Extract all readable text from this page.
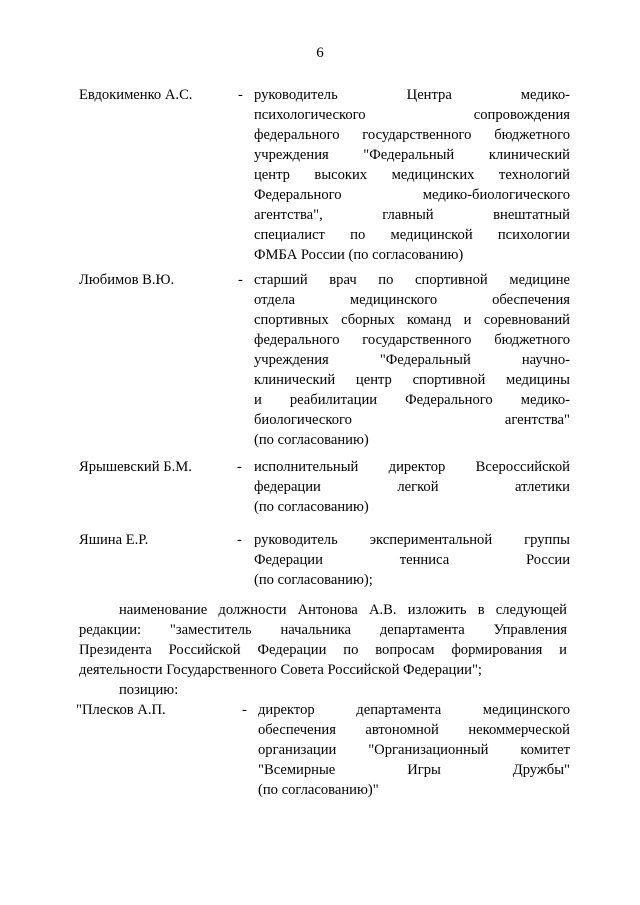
6
Евдокименко А.С.	- руководитель Центра медико-
психологического сопровождения
федерального государственного бюджетного
учреждения "Федеральный клинический
центр высоких медицинских технологий
Федерального медико-биологического
агентства", главный внештатный
специалист по медицинской психологии
ФМБА России (по согласованию)
Любимов В.Ю.	- старший врач по спортивной медицине
отдела медицинского обеспечения
спортивных сборных команд и соревнований
федерального государственного бюджетного
учреждения "Федеральный научно-
клинический центр спортивной медицины
и реабилитации Федерального медико-
биологического агентства"
(по согласованию)
Ярышевский Б.М.	- исполнительный директор Всероссийской
федерации легкой атлетики
(по согласованию)
Яшина Е.Р.	- руководитель экспериментальной группы
Федерации тенниса России
(по согласованию);
наименование должности Антонова А.В. изложить в следующей
редакции: "заместитель начальника департамента Управления
Президента Российской Федерации по вопросам формирования и
деятельности Государственного Совета Российской Федерации";
позицию:
"Плесков А.П.	- директор департамента медицинского
обеспечения автономной некоммерческой
организации "Организационный комитет
"Всемирные Игры Дружбы"
(по согласованию)"
